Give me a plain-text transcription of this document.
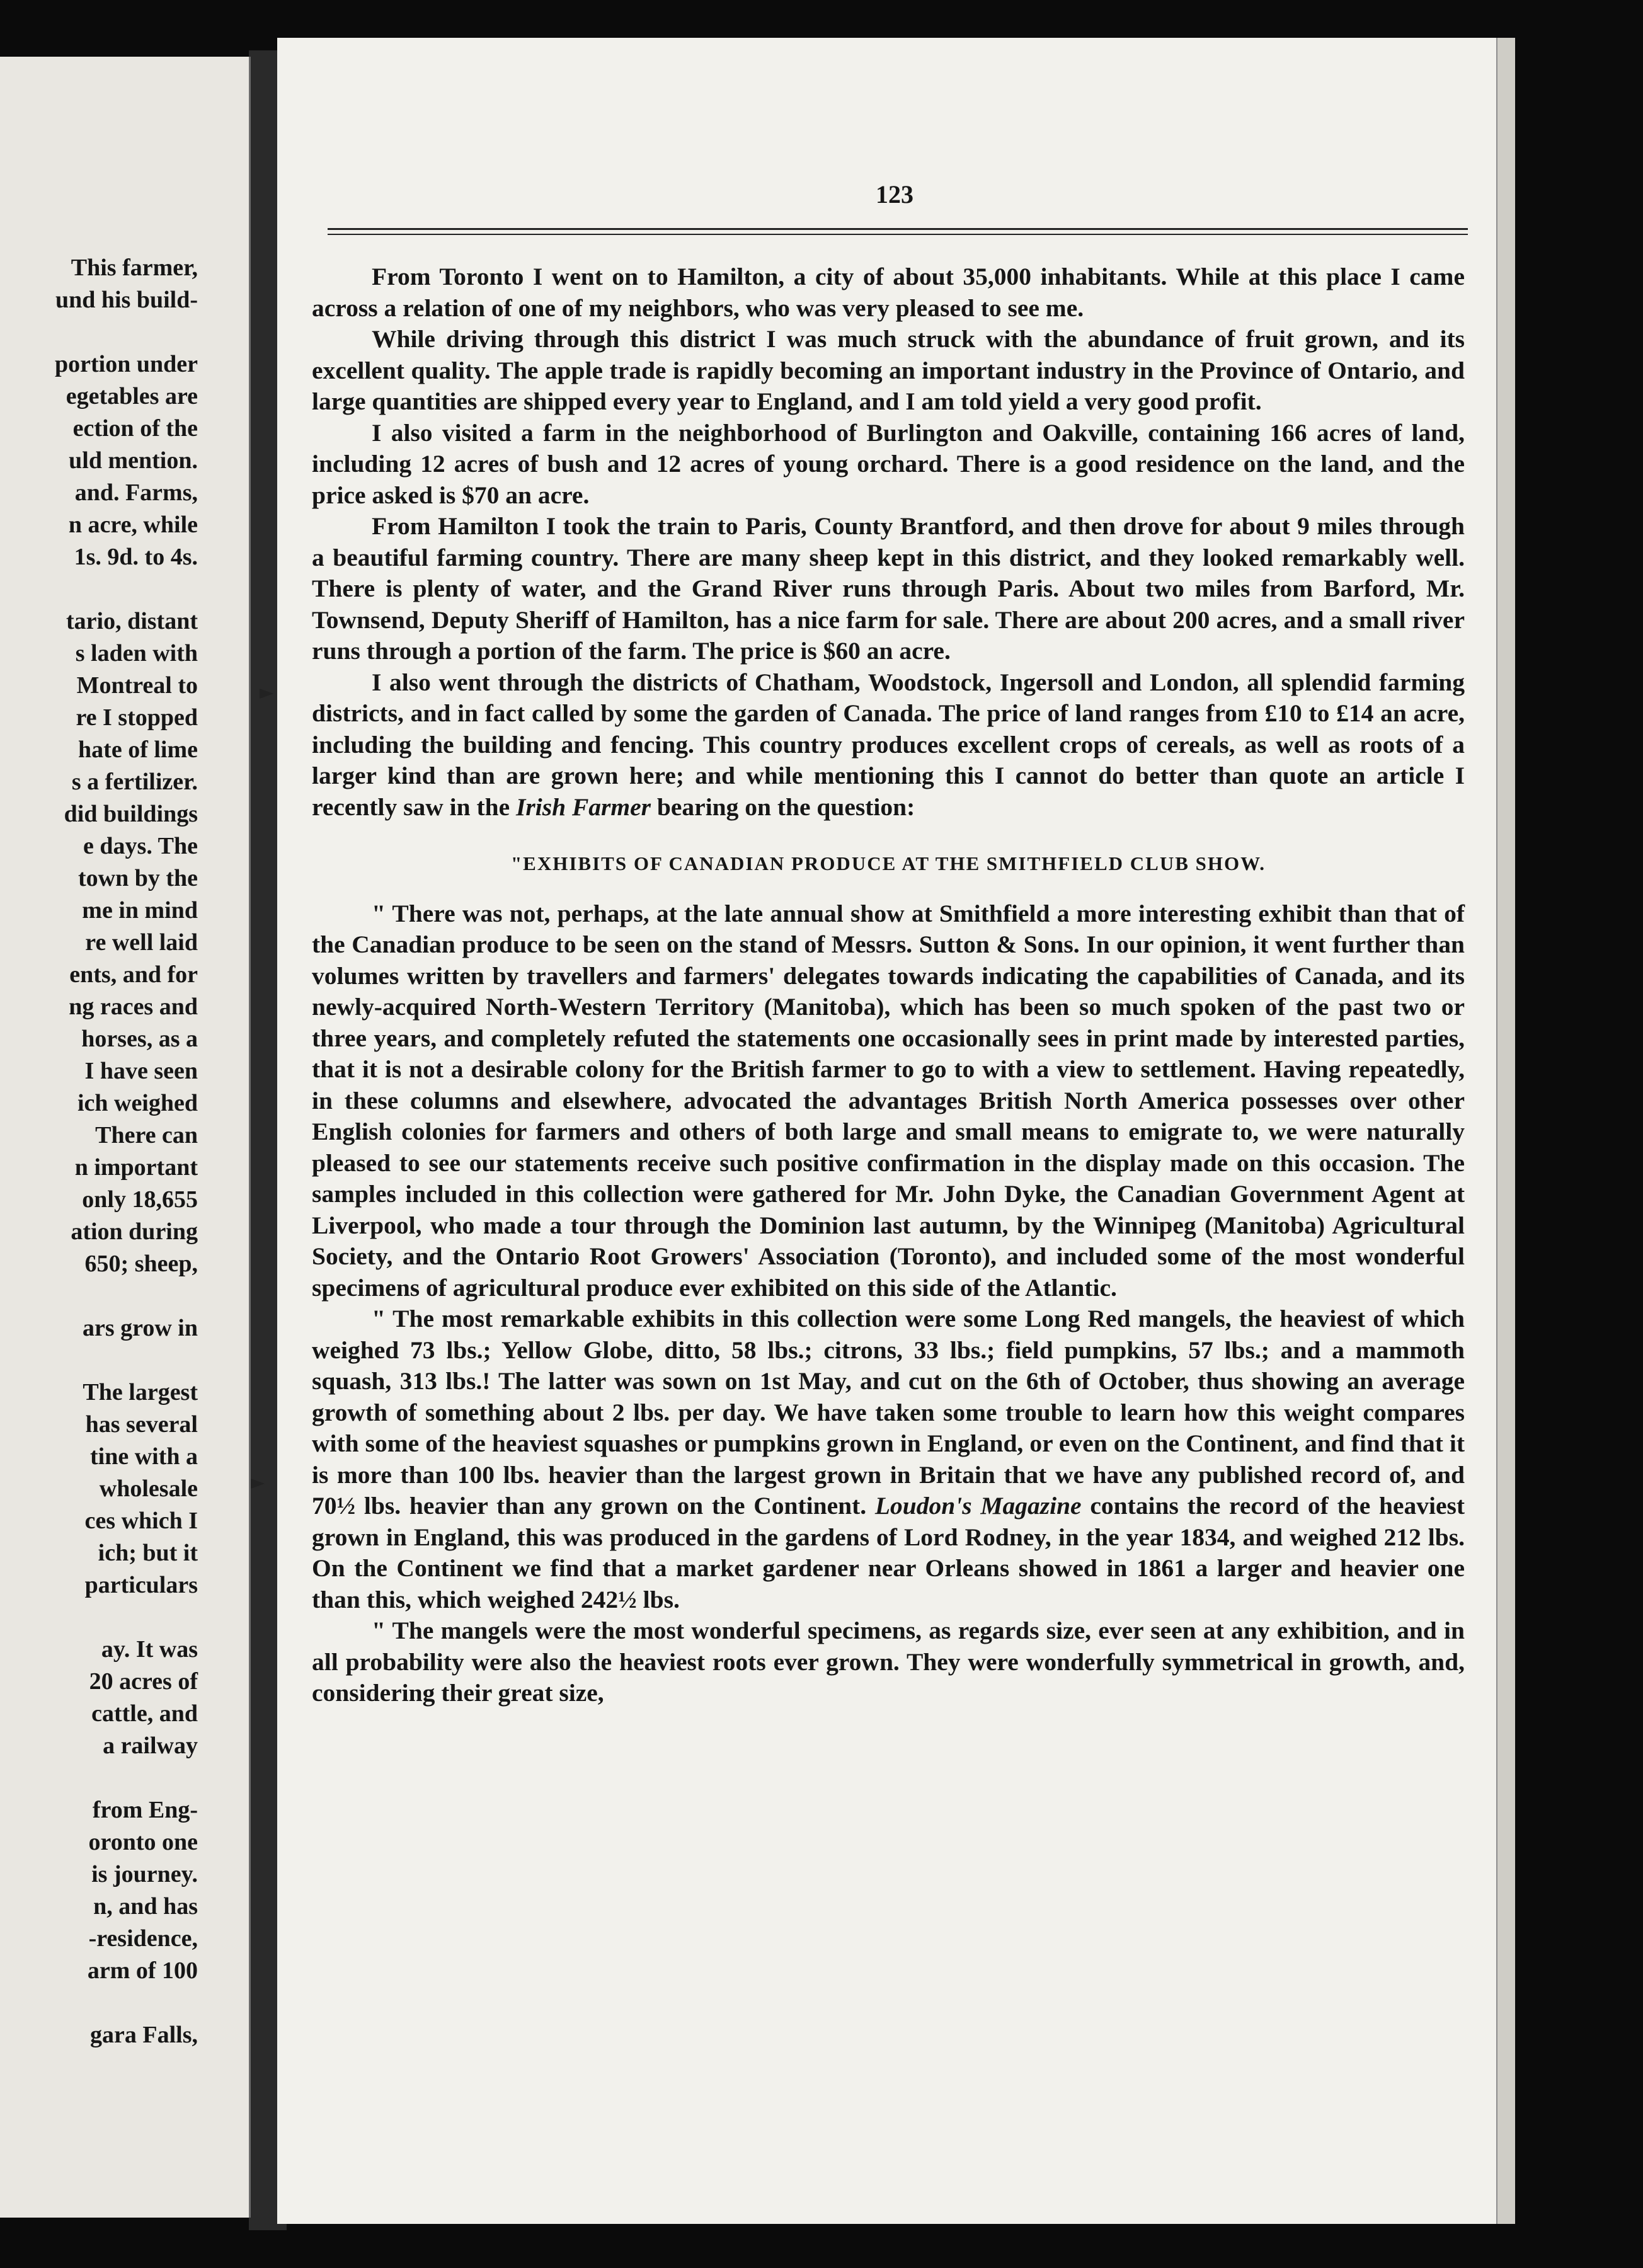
This farmer,
und his build-
portion under
egetables are
ection of the
uld mention.
and. Farms,
n acre, while
1s. 9d. to 4s.
tario, distant
s laden with
Montreal to
re I stopped
hate of lime
s a fertilizer.
did buildings
e days. The
town by the
me in mind
re well laid
ents, and for
ng races and
horses, as a
I have seen
ich weighed
There can
n important
only 18,655
ation during
650; sheep,
ars grow in
The largest
has several
tine with a
wholesale
ces which I
ich; but it
particulars
ay. It was
20 acres of
cattle, and
a railway
from Eng-
oronto one
is journey.
n, and has
-residence,
arm of 100
gara Falls,
123

From Toronto I went on to Hamilton, a city of about 35,000 inhabitants. While at this place I came across a relation of one of my neighbors, who was very pleased to see me.

While driving through this district I was much struck with the abundance of fruit grown, and its excellent quality. The apple trade is rapidly becoming an important industry in the Province of Ontario, and large quantities are shipped every year to England, and I am told yield a very good profit.

I also visited a farm in the neighborhood of Burlington and Oakville, containing 166 acres of land, including 12 acres of bush and 12 acres of young orchard. There is a good residence on the land, and the price asked is $70 an acre.

From Hamilton I took the train to Paris, County Brantford, and then drove for about 9 miles through a beautiful farming country. There are many sheep kept in this district, and they looked remarkably well. There is plenty of water, and the Grand River runs through Paris. About two miles from Barford, Mr. Townsend, Deputy Sheriff of Hamilton, has a nice farm for sale. There are about 200 acres, and a small river runs through a portion of the farm. The price is $60 an acre.

I also went through the districts of Chatham, Woodstock, Ingersoll and London, all splendid farming districts, and in fact called by some the garden of Canada. The price of land ranges from £10 to £14 an acre, including the building and fencing. This country produces excellent crops of cereals, as well as roots of a larger kind than are grown here; and while mentioning this I cannot do better than quote an article I recently saw in the Irish Farmer bearing on the question:

"EXHIBITS OF CANADIAN PRODUCE AT THE SMITHFIELD CLUB SHOW.

" There was not, perhaps, at the late annual show at Smithfield a more interesting exhibit than that of the Canadian produce to be seen on the stand of Messrs. Sutton & Sons. In our opinion, it went further than volumes written by travellers and farmers' delegates towards indicating the capabilities of Canada, and its newly-acquired North-Western Territory (Manitoba), which has been so much spoken of the past two or three years, and completely refuted the statements one occasionally sees in print made by interested parties, that it is not a desirable colony for the British farmer to go to with a view to settlement. Having repeatedly, in these columns and elsewhere, advocated the advantages British North America possesses over other English colonies for farmers and others of both large and small means to emigrate to, we were naturally pleased to see our statements receive such positive confirmation in the display made on this occasion. The samples included in this collection were gathered for Mr. John Dyke, the Canadian Government Agent at Liverpool, who made a tour through the Dominion last autumn, by the Winnipeg (Manitoba) Agricultural Society, and the Ontario Root Growers' Association (Toronto), and included some of the most wonderful specimens of agricultural produce ever exhibited on this side of the Atlantic.

" The most remarkable exhibits in this collection were some Long Red mangels, the heaviest of which weighed 73 lbs.; Yellow Globe, ditto, 58 lbs.; citrons, 33 lbs.; field pumpkins, 57 lbs.; and a mammoth squash, 313 lbs.! The latter was sown on 1st May, and cut on the 6th of October, thus showing an average growth of something about 2 lbs. per day. We have taken some trouble to learn how this weight compares with some of the heaviest squashes or pumpkins grown in England, or even on the Continent, and find that it is more than 100 lbs. heavier than the largest grown in Britain that we have any published record of, and 70½ lbs. heavier than any grown on the Continent. Loudon's Magazine contains the record of the heaviest grown in England, this was produced in the gardens of Lord Rodney, in the year 1834, and weighed 212 lbs. On the Continent we find that a market gardener near Orleans showed in 1861 a larger and heavier one than this, which weighed 242½ lbs.

" The mangels were the most wonderful specimens, as regards size, ever seen at any exhibition, and in all probability were also the heaviest roots ever grown. They were wonderfully symmetrical in growth, and, considering their great size,
